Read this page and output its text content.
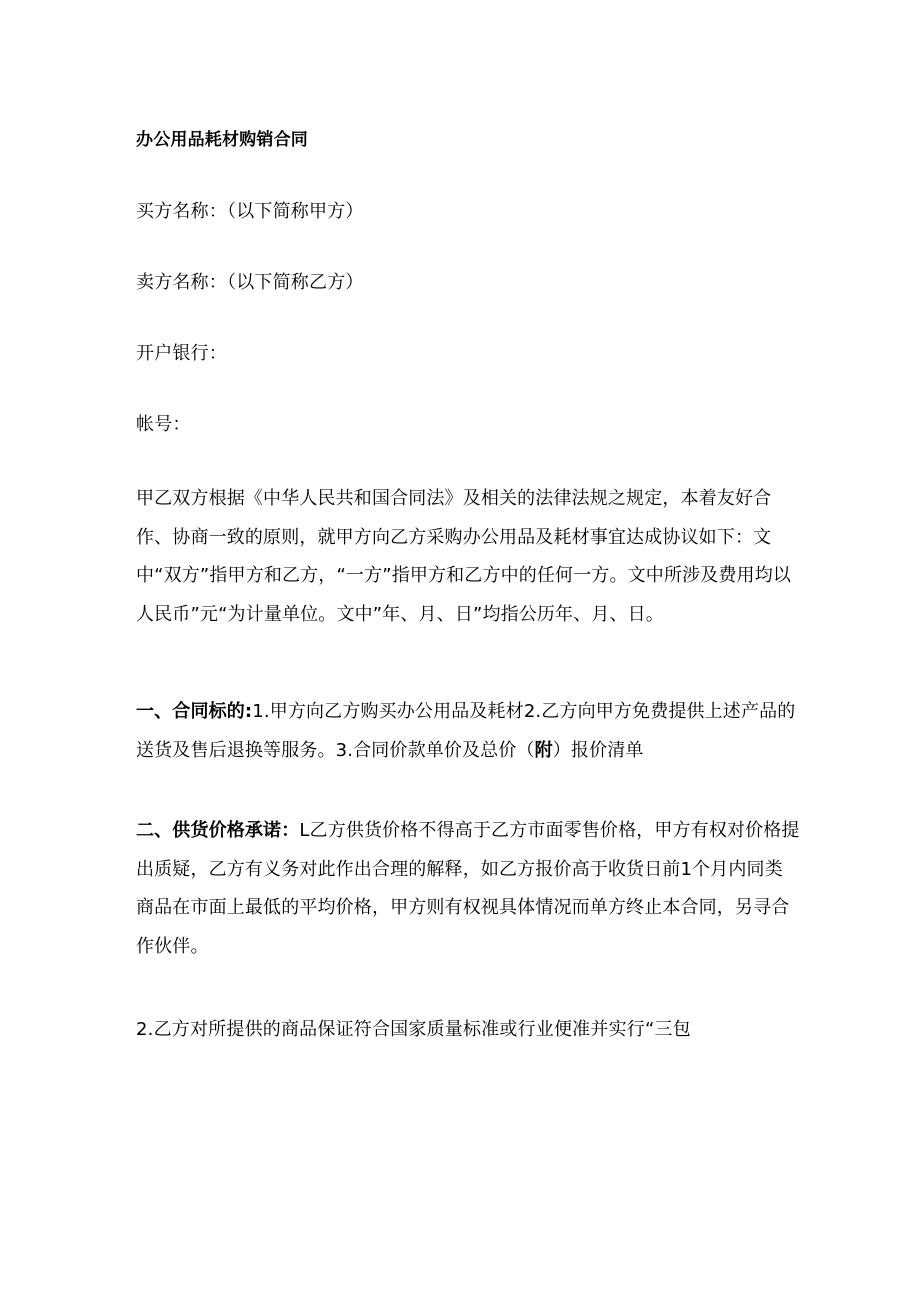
办公用品耗材购销合同
买方名称：（以下简称甲方）
卖方名称：（以下简称乙方）
开户银行：
帐号：
甲乙双方根据《中华人民共和国合同法》及相关的法律法规之规定，本着友好合作、协商一致的原则，就甲方向乙方采购办公用品及耗材事宜达成协议如下：文中“双方”指甲方和乙方，“一方”指甲方和乙方中的任何一方。文中所涉及费用均以人民币”元“为计量单位。文中”年、月、日”均指公历年、月、日。
一、合同标的:1.甲方向乙方购买办公用品及耗材2.乙方向甲方免费提供上述产品的送货及售后退换等服务。3.合同价款单价及总价（附）报价清单
二、供货价格承诺：L乙方供货价格不得高于乙方市面零售价格，甲方有权对价格提出质疑，乙方有义务对此作出合理的解释，如乙方报价高于收货日前1个月内同类商品在市面上最低的平均价格，甲方则有权视具体情况而单方终止本合同，另寻合作伙伴。
2.乙方对所提供的商品保证符合国家质量标准或行业便准并实行“三包
